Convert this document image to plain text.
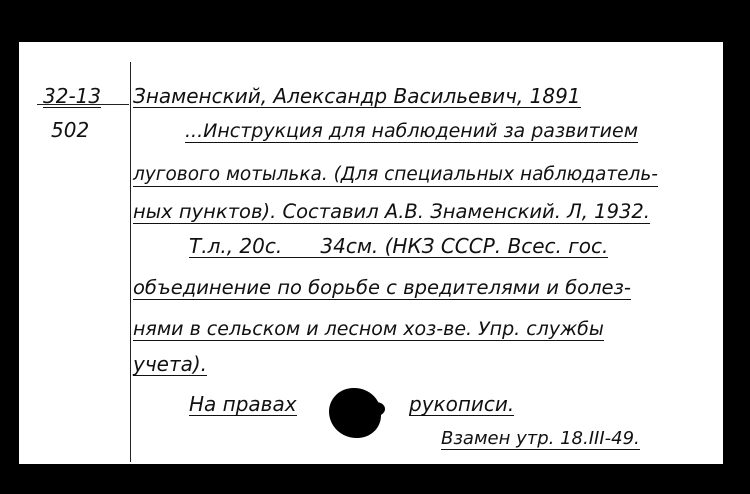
32-13
502
Знаменский, Александр Васильевич, 1891
...Инструкция для наблюдений за развитием
лугового мотылька. (Для специальных наблюдатель-
ных пунктов). Составил А.В. Знаменский. Л, 1932.
Т.л., 20с.      34см. (НКЗ СССР. Всес. гос.
объединение по борьбе с вредителями и болез-
нями в сельском и лесном хоз-ве. Упр. службы
учета).
На правах	рукописи.
Взамен утр. 18.III-49.
